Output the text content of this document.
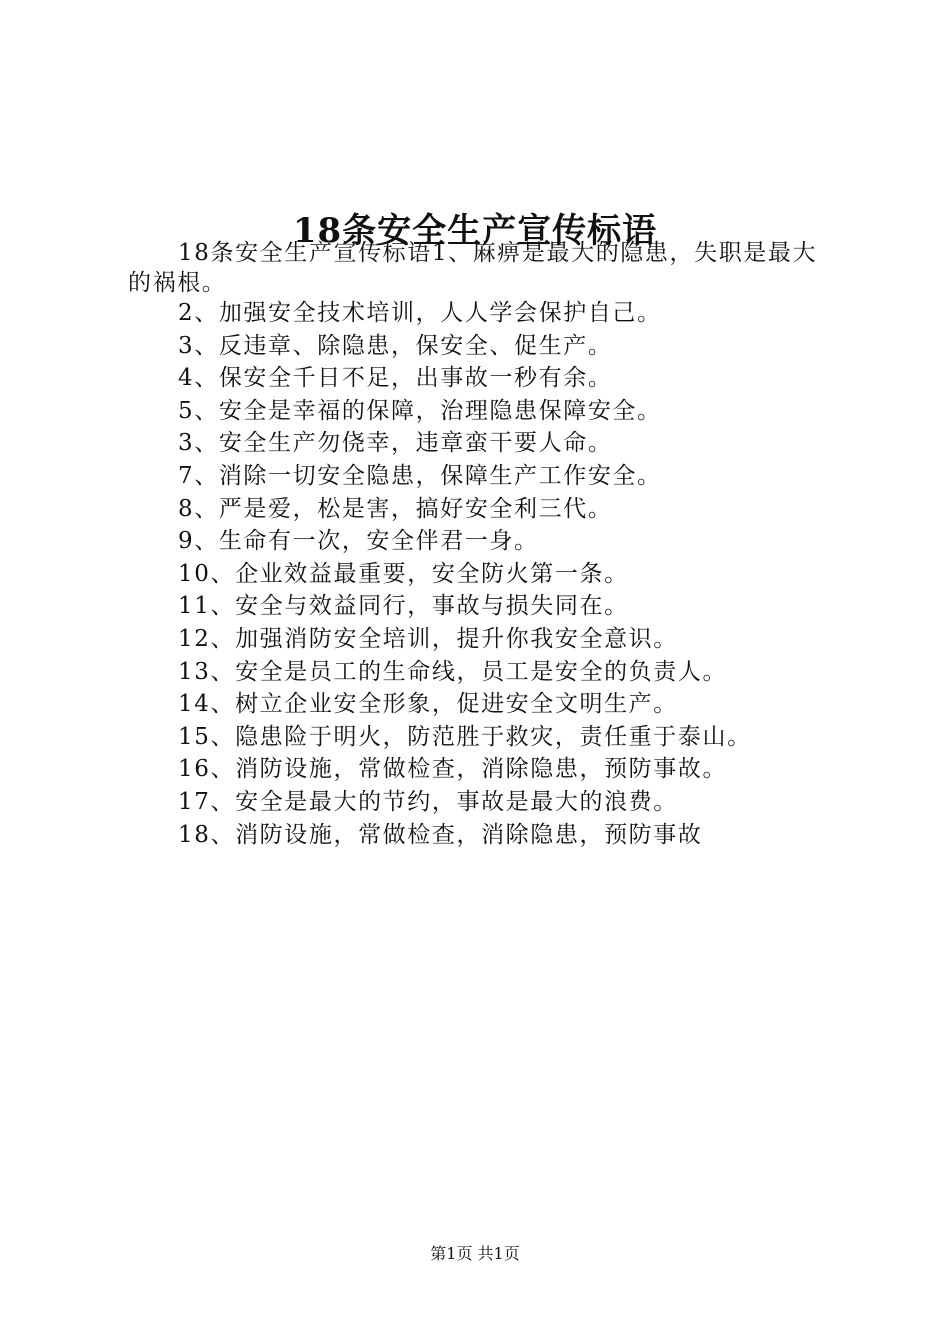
18条安全生产宣传标语

18条安全生产宣传标语1、麻痹是最大的隐患，失职是最大的祸根。

2、加强安全技术培训，人人学会保护自己。

3、反违章、除隐患，保安全、促生产。

4、保安全千日不足，出事故一秒有余。

5、安全是幸福的保障，治理隐患保障安全。

3、安全生产勿侥幸，违章蛮干要人命。

7、消除一切安全隐患，保障生产工作安全。

8、严是爱，松是害，搞好安全利三代。

9、生命有一次，安全伴君一身。

10、企业效益最重要，安全防火第一条。

11、安全与效益同行，事故与损失同在。

12、加强消防安全培训，提升你我安全意识。

13、安全是员工的生命线，员工是安全的负责人。

14、树立企业安全形象，促进安全文明生产。

15、隐患险于明火，防范胜于救灾，责任重于泰山。

16、消防设施，常做检查，消除隐患，预防事故。

17、安全是最大的节约，事故是最大的浪费。

18、消防设施，常做检查，消除隐患，预防事故

第1页 共1页
